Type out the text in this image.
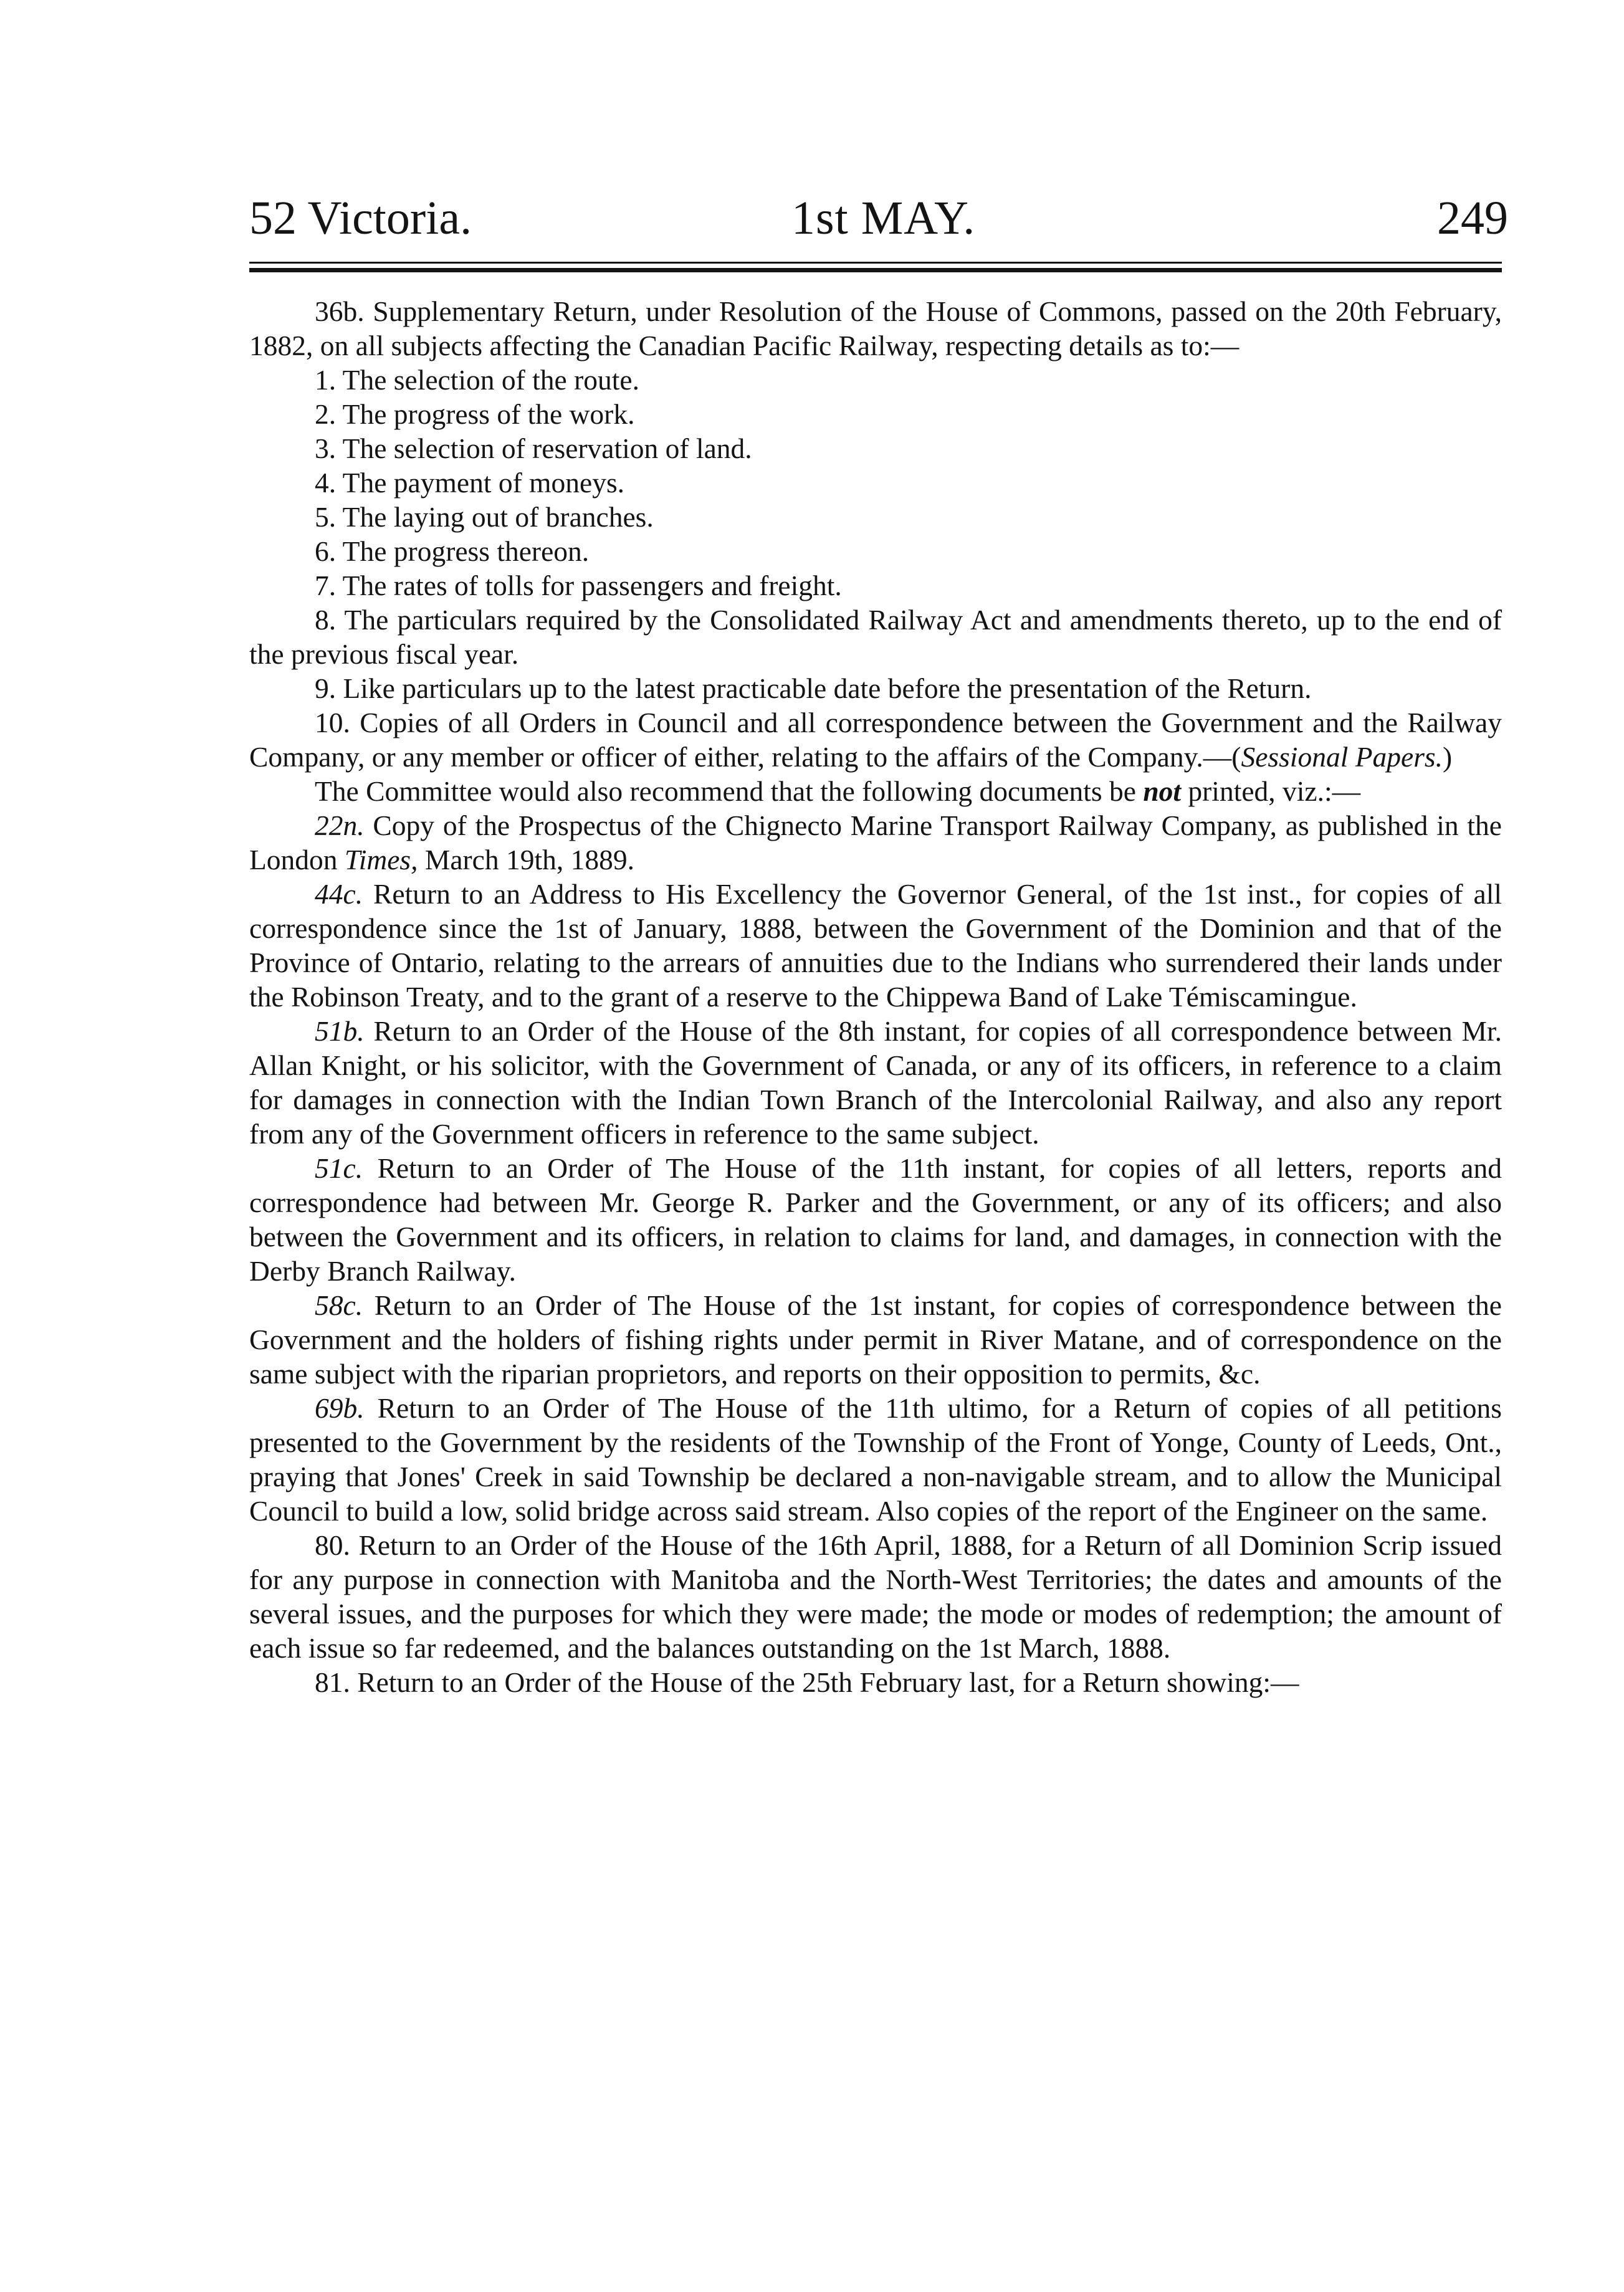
52 Victoria.	1st MAY.	249

36b. Supplementary Return, under Resolution of the House of Commons, passed on the 20th February, 1882, on all subjects affecting the Canadian Pacific Railway, respecting details as to:—

1. The selection of the route.

2. The progress of the work.

3. The selection of reservation of land.

4. The payment of moneys.

5. The laying out of branches.

6. The progress thereon.

7. The rates of tolls for passengers and freight.

8. The particulars required by the Consolidated Railway Act and amendments thereto, up to the end of the previous fiscal year.

9. Like particulars up to the latest practicable date before the presentation of the Return.

10. Copies of all Orders in Council and all correspondence between the Government and the Railway Company, or any member or officer of either, relating to the affairs of the Company.—(Sessional Papers.)

The Committee would also recommend that the following documents be not printed, viz.:—

22n. Copy of the Prospectus of the Chignecto Marine Transport Railway Company, as published in the London Times, March 19th, 1889.

44c. Return to an Address to His Excellency the Governor General, of the 1st inst., for copies of all correspondence since the 1st of January, 1888, between the Government of the Dominion and that of the Province of Ontario, relating to the arrears of annuities due to the Indians who surrendered their lands under the Robinson Treaty, and to the grant of a reserve to the Chippewa Band of Lake Témiscamingue.

51b. Return to an Order of the House of the 8th instant, for copies of all correspondence between Mr. Allan Knight, or his solicitor, with the Government of Canada, or any of its officers, in reference to a claim for damages in connection with the Indian Town Branch of the Intercolonial Railway, and also any report from any of the Government officers in reference to the same subject.

51c. Return to an Order of The House of the 11th instant, for copies of all letters, reports and correspondence had between Mr. George R. Parker and the Government, or any of its officers; and also between the Government and its officers, in relation to claims for land, and damages, in connection with the Derby Branch Railway.

58c. Return to an Order of The House of the 1st instant, for copies of correspondence between the Government and the holders of fishing rights under permit in River Matane, and of correspondence on the same subject with the riparian proprietors, and reports on their opposition to permits, &c.

69b. Return to an Order of The House of the 11th ultimo, for a Return of copies of all petitions presented to the Government by the residents of the Township of the Front of Yonge, County of Leeds, Ont., praying that Jones' Creek in said Township be declared a non-navigable stream, and to allow the Municipal Council to build a low, solid bridge across said stream. Also copies of the report of the Engineer on the same.

80. Return to an Order of the House of the 16th April, 1888, for a Return of all Dominion Scrip issued for any purpose in connection with Manitoba and the North-West Territories; the dates and amounts of the several issues, and the purposes for which they were made; the mode or modes of redemption; the amount of each issue so far redeemed, and the balances outstanding on the 1st March, 1888.

81. Return to an Order of the House of the 25th February last, for a Return showing:—
